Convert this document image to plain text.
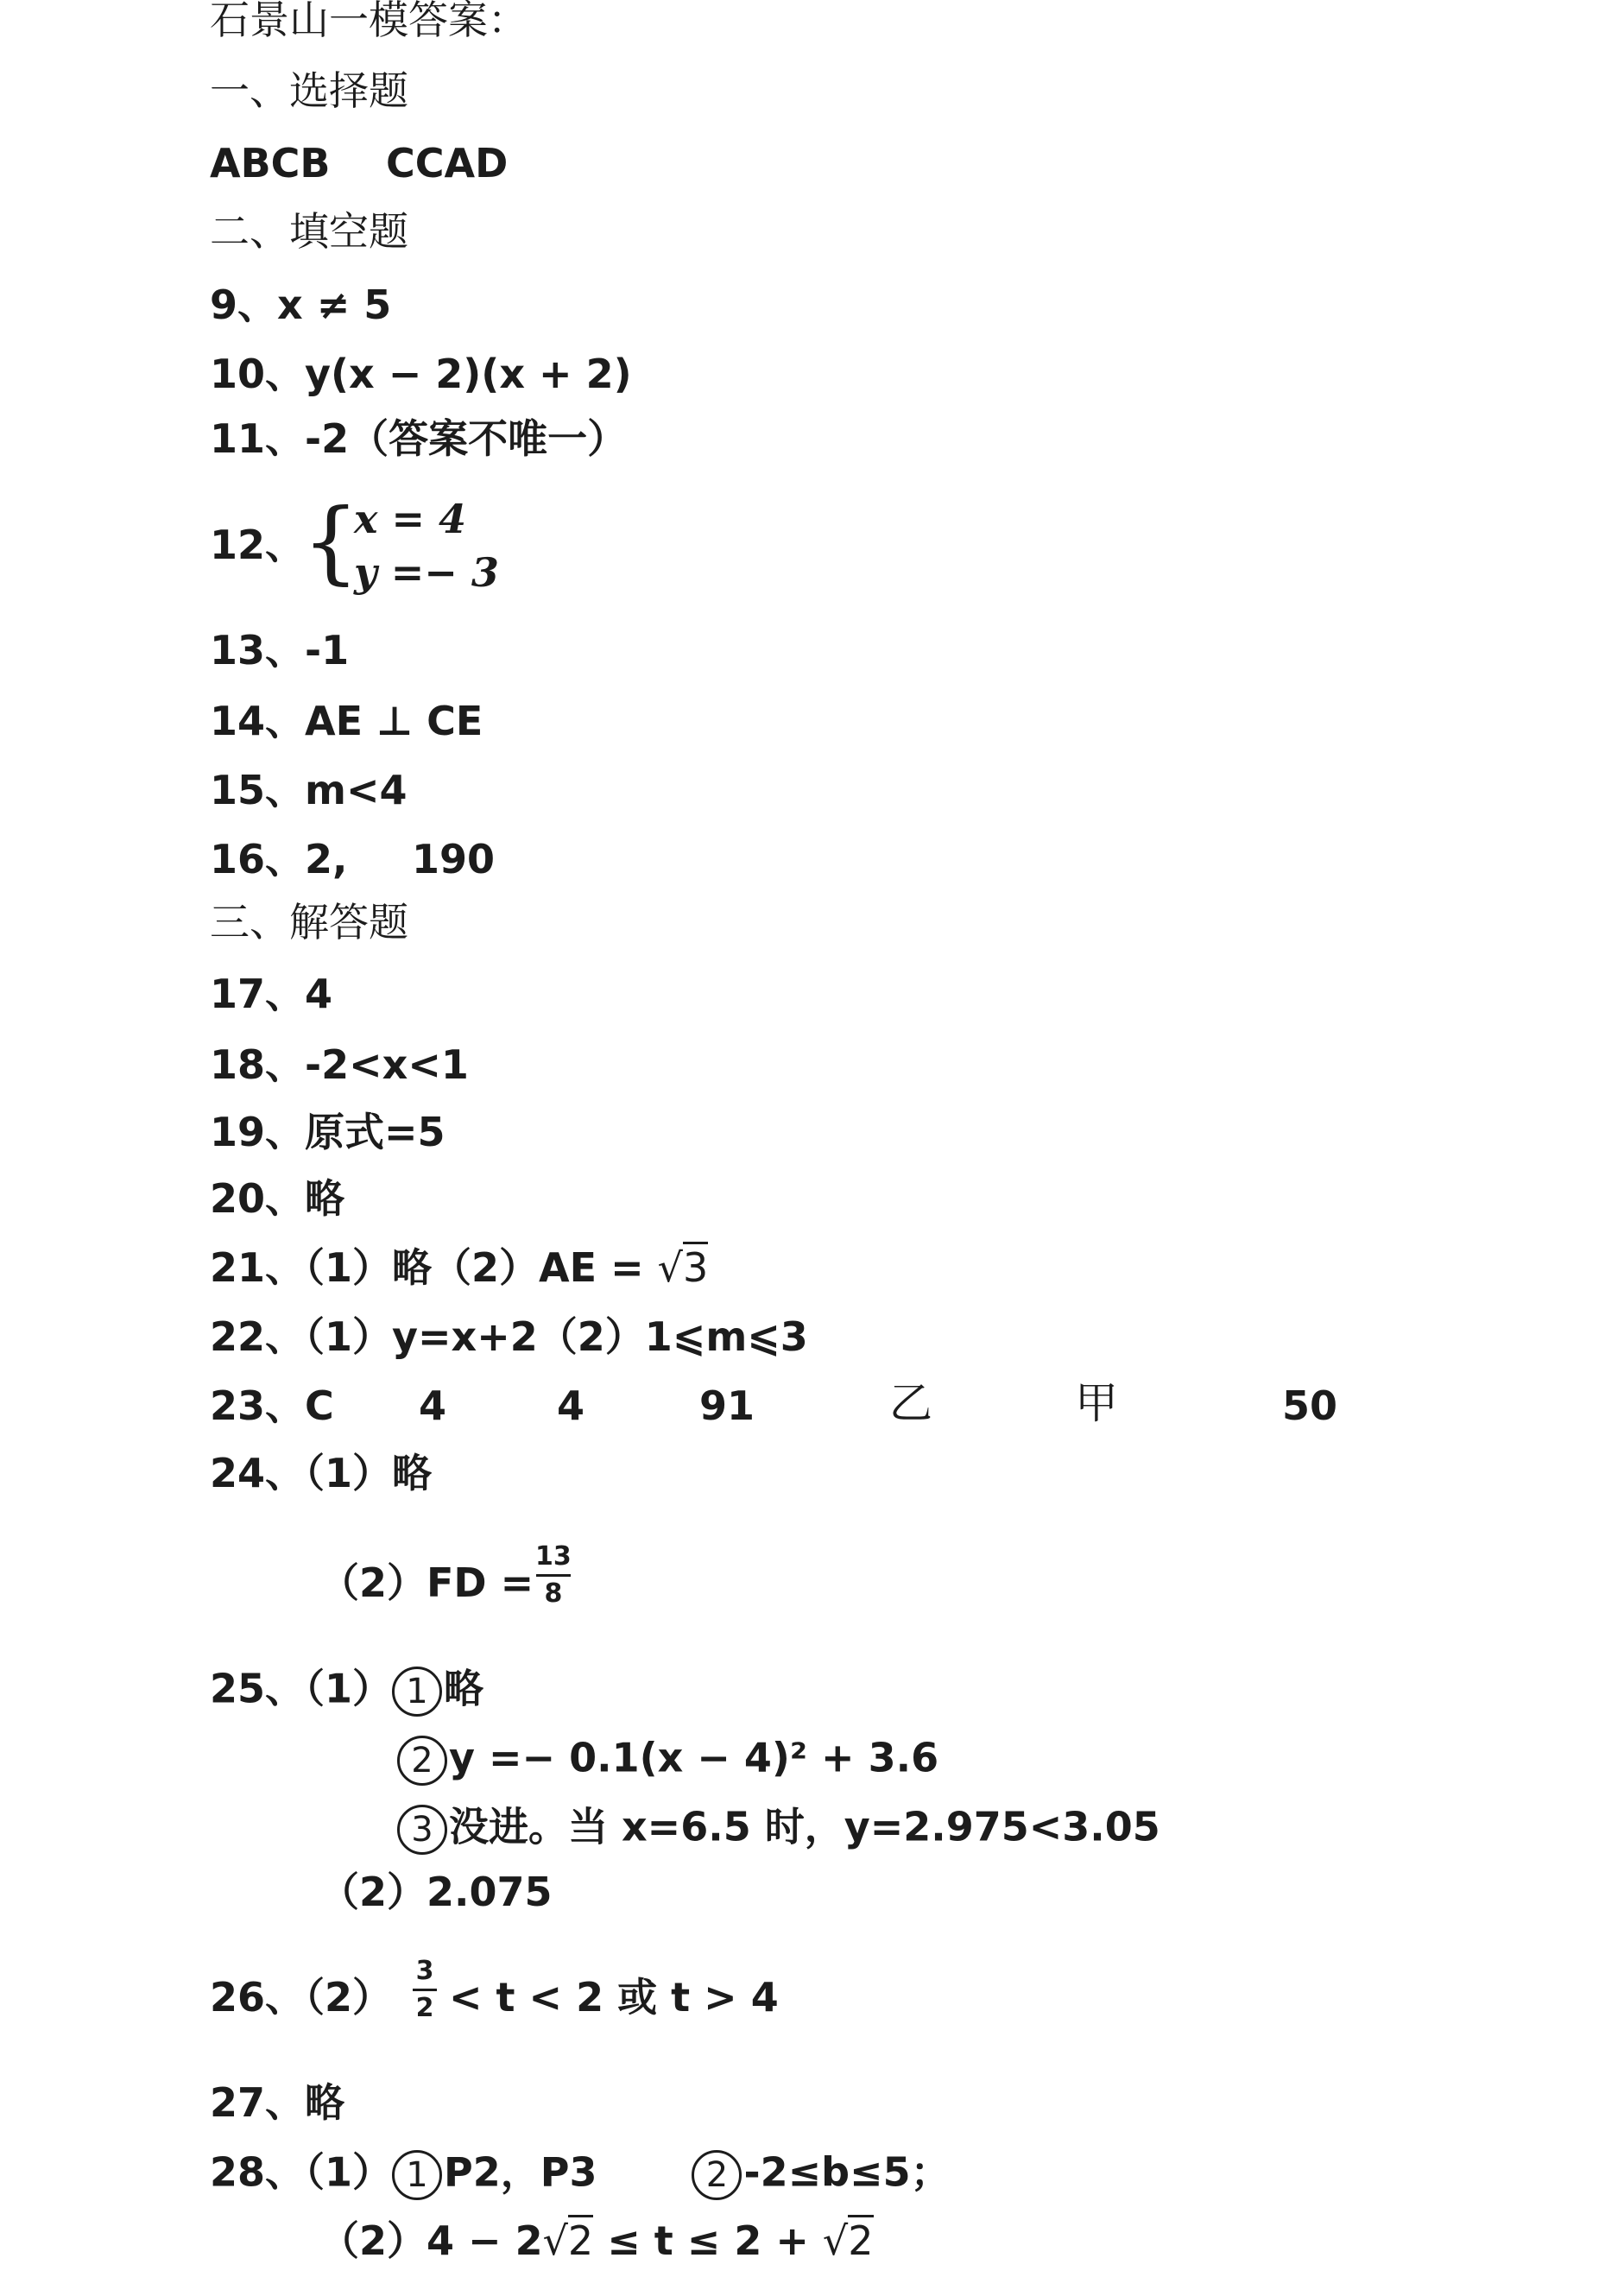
石景山一模答案：
一、选择题
ABCB CCAD
二、填空题
9、x ≠ 5
10、y(x − 2)(x + 2)
11、-2（答案不唯一）
12、
{
x = 4
y =− 3
13、-1
14、AE ⊥ CE
15、m<4
16、2, 190
三、解答题
17、4
18、-2<x<1
19、原式=5
20、略
21、（1）略（2）AE = √3
22、（1）y=x+2（2）1⩽m⩽3
23、C 4	4	91	乙	甲	50
24、（1）略
（2）FD =
13
8
25、（1） 1 略
2 y =− 0.1(x − 4)² + 3.6
3 没进。当 x=6.5 时，y=2.975<3.05
（2）2.075
26、（2）
3
2 < t < 2 或 t > 4
27、略
28、（1） 1 P2，P3	2 -2≤b≤5；
（2）4 − 2√2 ≤ t ≤ 2 + √2
